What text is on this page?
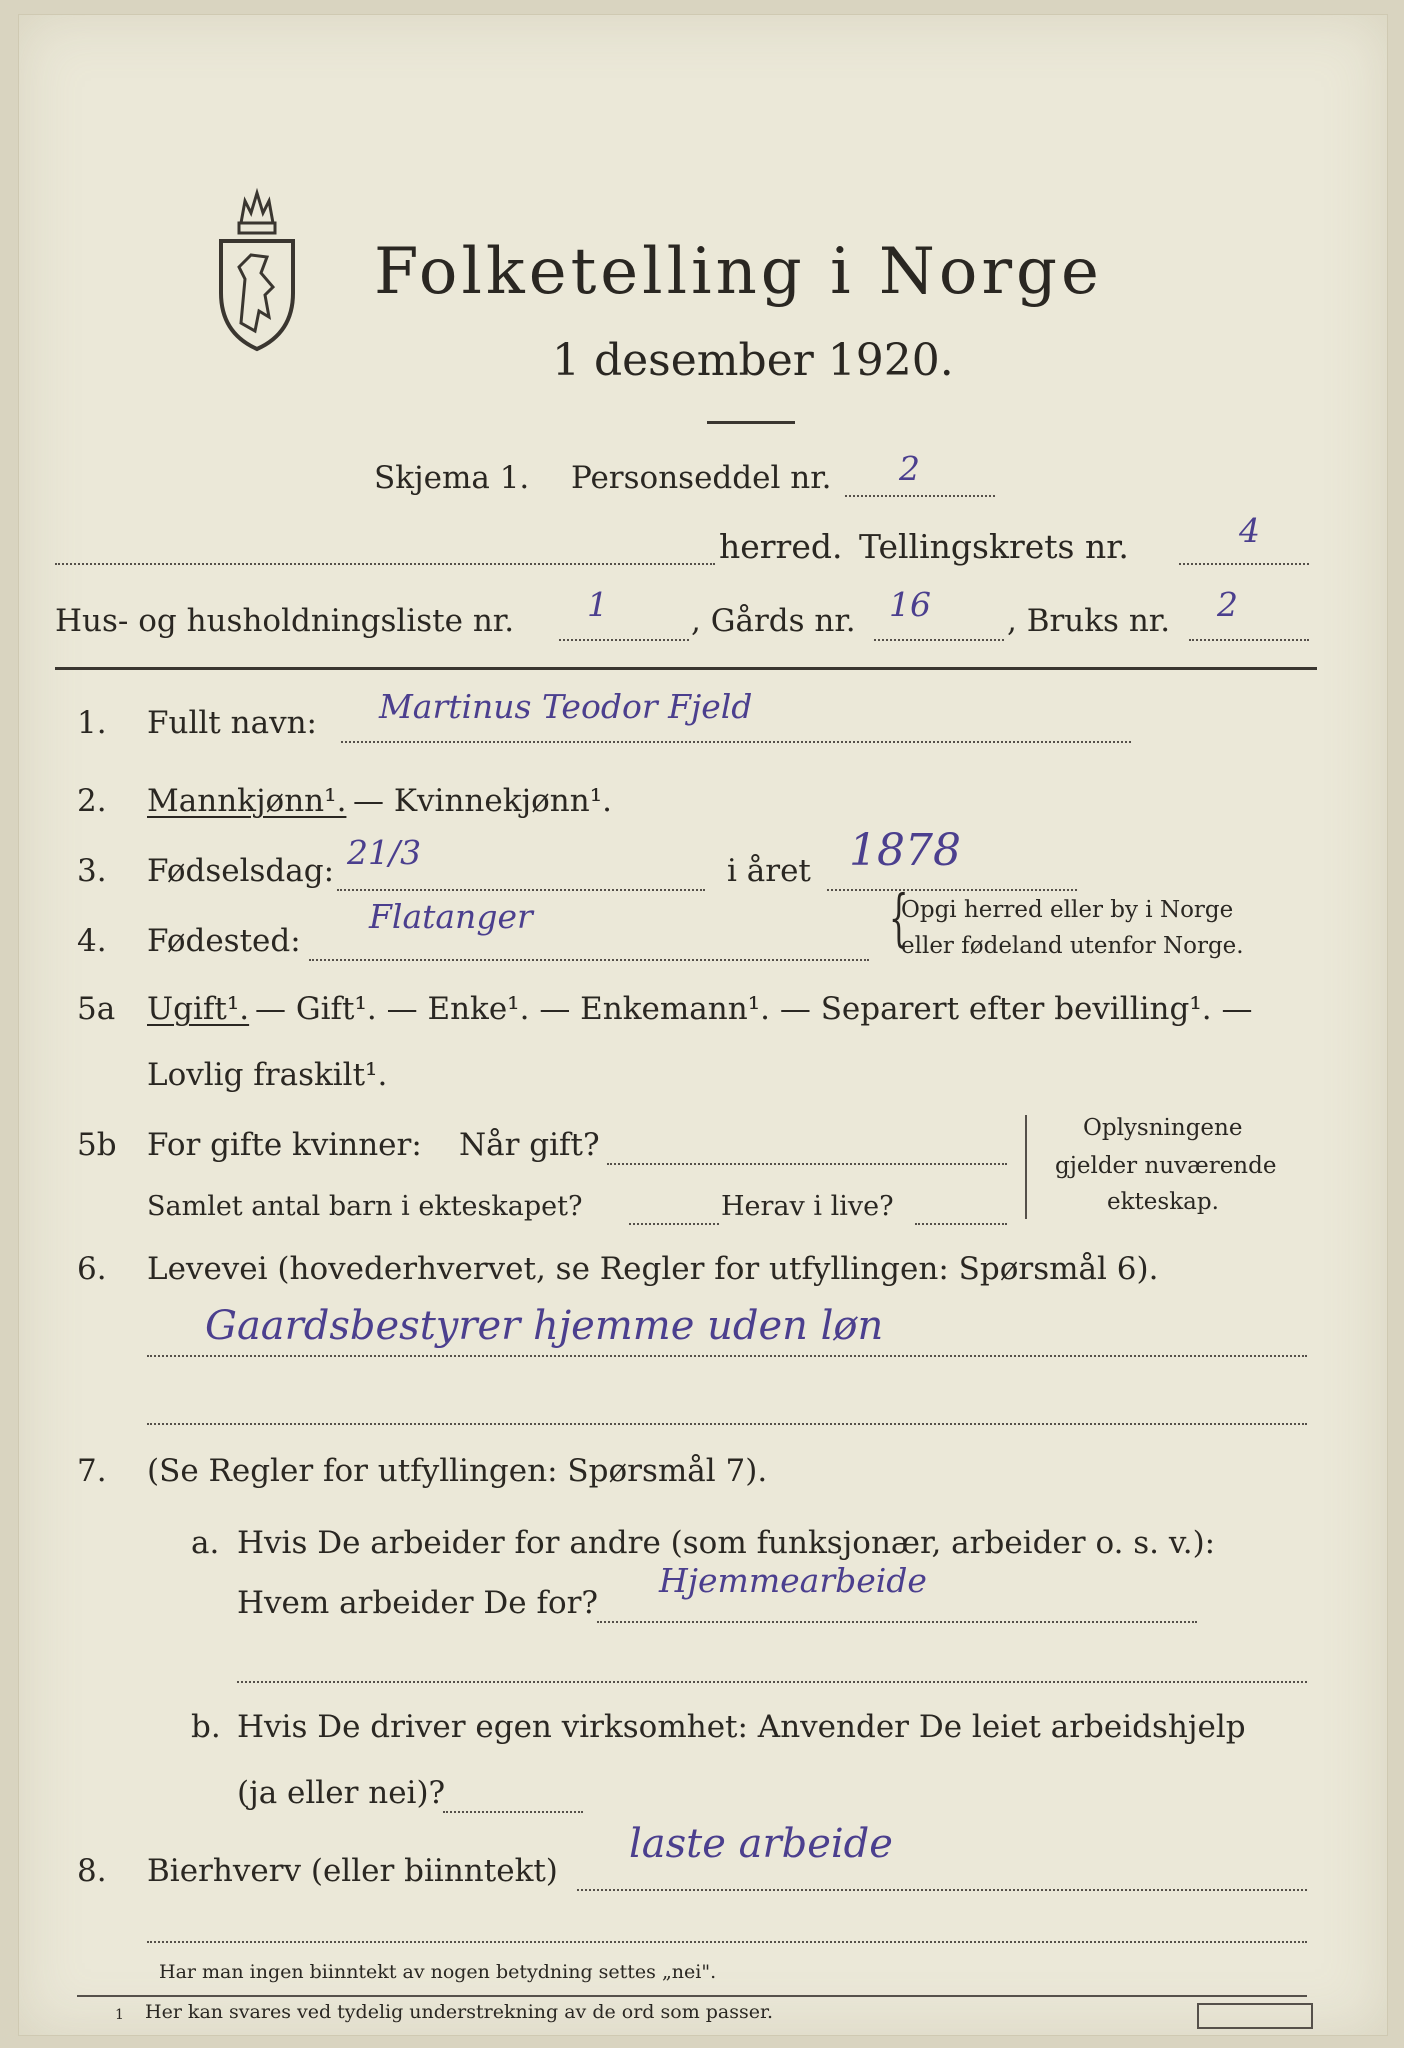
Folketelling i Norge
1 desember 1920.
Skjema 1. Personseddel nr. 2
herred. Tellingskrets nr.	4
Hus- og husholdningsliste nr. 1	, Gårds nr. 16 , Bruks nr. 2
1. Fullt navn: Martinus Teodor Fjeld
2. Mannkjønn¹. — Kvinnekjønn¹.
3. Fødselsdag: 21/3	i året 1878
4. Fødested:
Flatanger	{
Opgi herred eller by i Norge
eller fødeland utenfor Norge.
5a Ugift¹. — Gift¹. — Enke¹. — Enkemann¹. — Separert efter bevilling¹. —
Lovlig fraskilt¹.
5b For gifte kvinner: Når gift?
Samlet antal barn i ekteskapet?	Herav i live?
Oplysningene
gjelder nuværende
ekteskap.
6. Levevei (hovederhvervet, se Regler for utfyllingen: Spørsmål 6).
Gaardsbestyrer hjemme uden løn
7. (Se Regler for utfyllingen: Spørsmål 7).
a. Hvis De arbeider for andre (som funksjonær, arbeider o. s. v.):
Hvem arbeider De for?
Hjemmearbeide
b. Hvis De driver egen virksomhet: Anvender De leiet arbeidshjelp
(ja eller nei)?
8. Bierhverv (eller biinntekt)
laste arbeide
Har man ingen biinntekt av nogen betydning settes „nei".
1 Her kan svares ved tydelig understrekning av de ord som passer.
